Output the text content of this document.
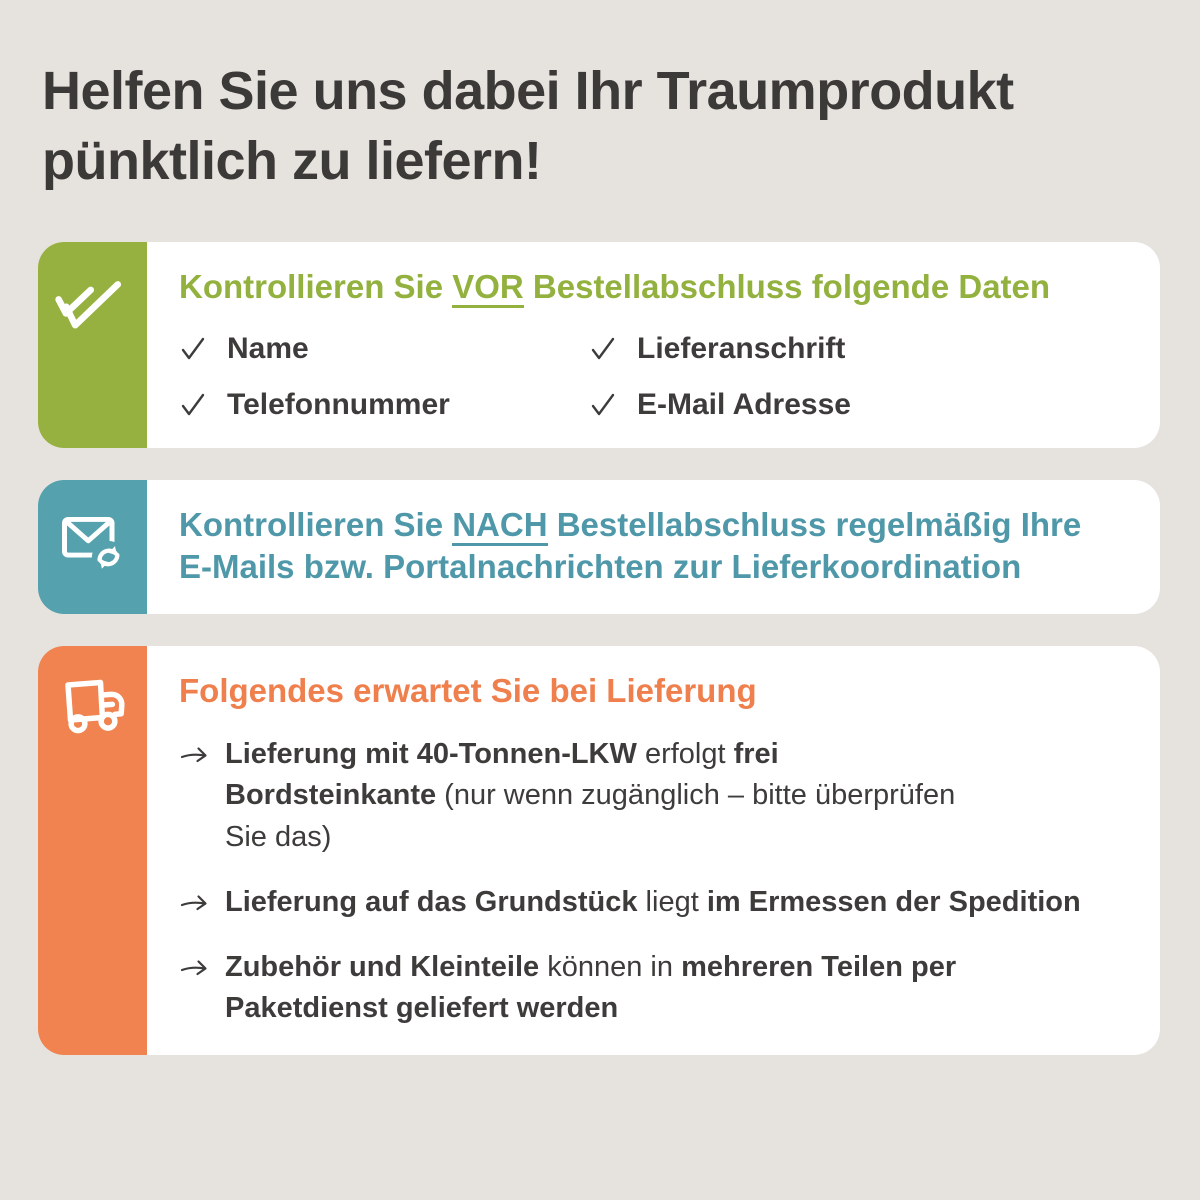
Helfen Sie uns dabei Ihr Traumprodukt
pünktlich zu liefern!
Kontrollieren Sie VOR Bestellabschluss folgende Daten
Name	Lieferanschrift
Telefonnummer	E-Mail Adresse
Kontrollieren Sie NACH Bestellabschluss regelmäßig Ihre E-Mails bzw. Portalnachrichten zur Lieferkoordination
Folgendes erwartet Sie bei Lieferung
Lieferung mit 40-Tonnen-LKW erfolgt frei Bordsteinkante (nur wenn zugänglich – bitte überprüfen Sie das)
Lieferung auf das Grundstück liegt im Ermessen der Spedition
Zubehör und Kleinteile können in mehreren Teilen per Paketdienst geliefert werden
